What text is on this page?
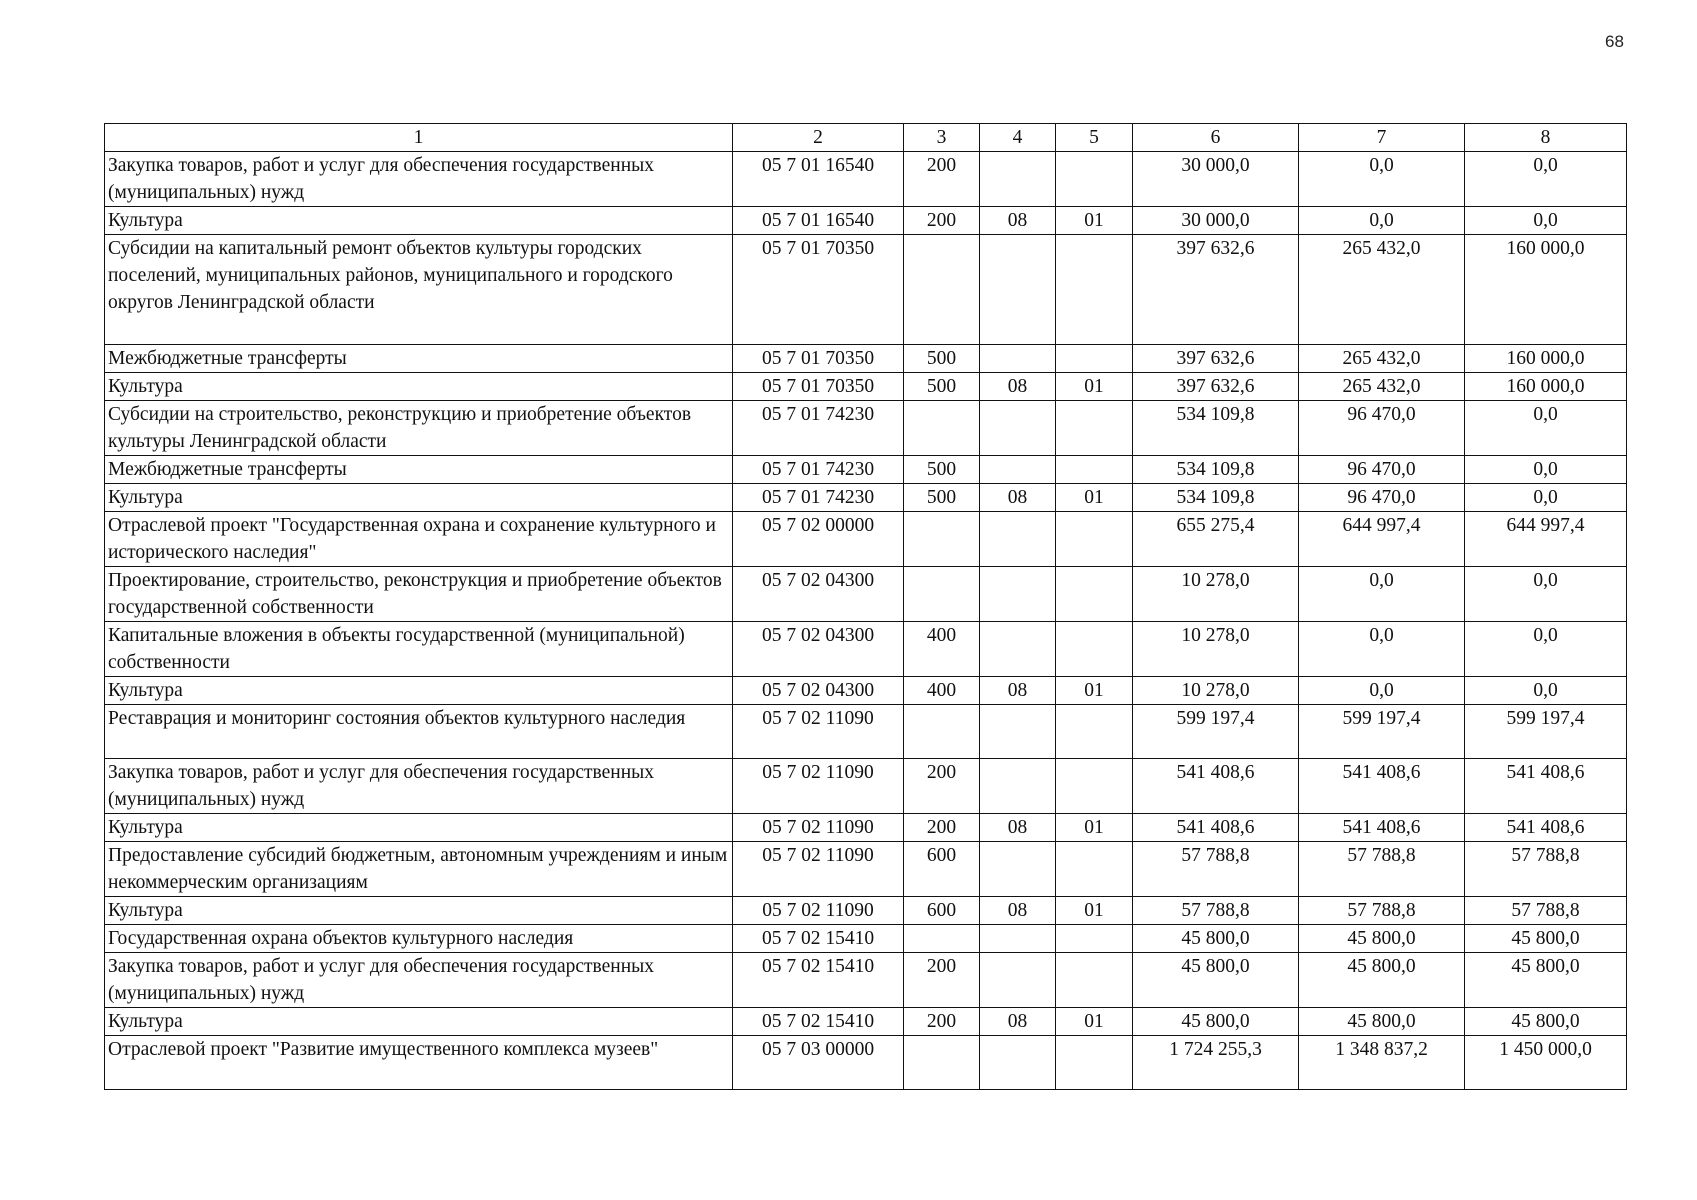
68
1	2	3	4	5	6	7	8
Закупка товаров, работ и услуг для обеспечения государственных (муниципальных) нужд	05 7 01 16540	200			30 000,0	0,0	0,0
Культура	05 7 01 16540	200	08	01	30 000,0	0,0	0,0
Субсидии на капитальный ремонт объектов культуры городских поселений, муниципальных районов, муниципального и городского округов Ленинградской области	05 7 01 70350				397 632,6	265 432,0	160 000,0
Межбюджетные трансферты	05 7 01 70350	500			397 632,6	265 432,0	160 000,0
Культура	05 7 01 70350	500	08	01	397 632,6	265 432,0	160 000,0
Субсидии на строительство, реконструкцию и приобретение объектов культуры Ленинградской области	05 7 01 74230				534 109,8	96 470,0	0,0
Межбюджетные трансферты	05 7 01 74230	500			534 109,8	96 470,0	0,0
Культура	05 7 01 74230	500	08	01	534 109,8	96 470,0	0,0
Отраслевой проект "Государственная охрана и сохранение культурного и исторического наследия"	05 7 02 00000				655 275,4	644 997,4	644 997,4
Проектирование, строительство, реконструкция и приобретение объектов государственной собственности	05 7 02 04300				10 278,0	0,0	0,0
Капитальные вложения в объекты государственной (муниципальной) собственности	05 7 02 04300	400			10 278,0	0,0	0,0
Культура	05 7 02 04300	400	08	01	10 278,0	0,0	0,0
Реставрация и мониторинг состояния объектов культурного наследия	05 7 02 11090				599 197,4	599 197,4	599 197,4
Закупка товаров, работ и услуг для обеспечения государственных (муниципальных) нужд	05 7 02 11090	200			541 408,6	541 408,6	541 408,6
Культура	05 7 02 11090	200	08	01	541 408,6	541 408,6	541 408,6
Предоставление субсидий бюджетным, автономным учреждениям и иным некоммерческим организациям	05 7 02 11090	600			57 788,8	57 788,8	57 788,8
Культура	05 7 02 11090	600	08	01	57 788,8	57 788,8	57 788,8
Государственная охрана объектов культурного наследия	05 7 02 15410				45 800,0	45 800,0	45 800,0
Закупка товаров, работ и услуг для обеспечения государственных (муниципальных) нужд	05 7 02 15410	200			45 800,0	45 800,0	45 800,0
Культура	05 7 02 15410	200	08	01	45 800,0	45 800,0	45 800,0
Отраслевой проект "Развитие имущественного комплекса музеев"	05 7 03 00000				1 724 255,3	1 348 837,2	1 450 000,0
